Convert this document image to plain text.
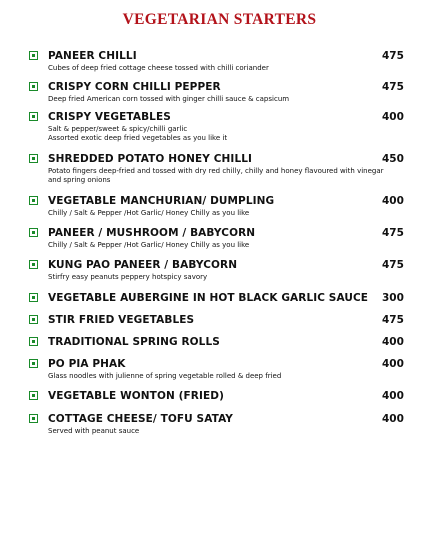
VEGETARIAN STARTERS
PANEER CHILLI	475
Cubes of deep fried cottage cheese tossed with chilli coriander
CRISPY CORN CHILLI PEPPER	475
Deep fried American corn tossed with ginger chilli sauce & capsicum
CRISPY VEGETABLES	400
Salt & pepper/sweet & spicy/chilli garlic
Assorted exotic deep fried vegetables as you like it
SHREDDED POTATO HONEY CHILLI	450
Potato fingers deep-fried and tossed with dry red chilly, chilly and honey flavoured with vinegar and spring onions
VEGETABLE MANCHURIAN/ DUMPLING	400
Chilly / Salt & Pepper /Hot Garlic/ Honey Chilly as you like
PANEER / MUSHROOM / BABYCORN	475
Chilly / Salt & Pepper /Hot Garlic/ Honey Chilly as you like
KUNG PAO PANEER / BABYCORN	475
Stirfry easy peanuts peppery hotspicy savory
VEGETABLE AUBERGINE IN HOT BLACK GARLIC SAUCE 300
STIR FRIED VEGETABLES	475
TRADITIONAL SPRING ROLLS	400
PO PIA PHAK	400
Glass noodles with julienne of spring vegetable rolled & deep fried
VEGETABLE WONTON (FRIED)	400
COTTAGE CHEESE/ TOFU SATAY	400
Served with peanut sauce
